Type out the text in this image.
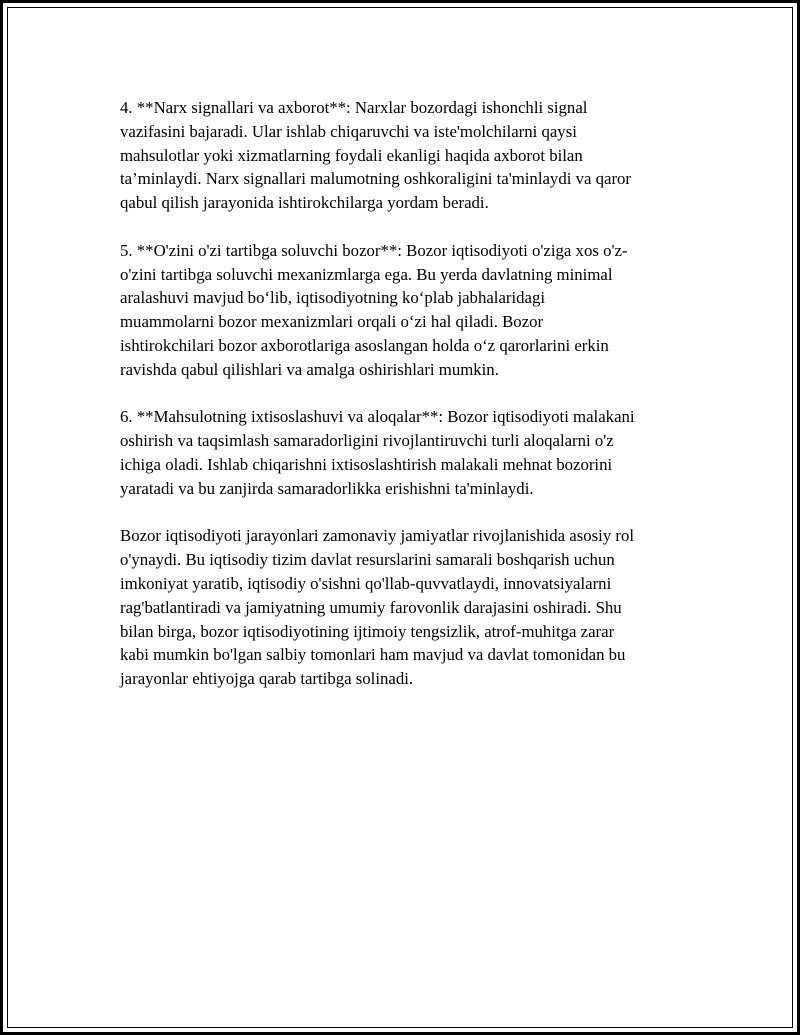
4. **Narx signallari va axborot**: Narxlar bozordagi ishonchli signal
vazifasini bajaradi. Ular ishlab chiqaruvchi va iste'molchilarni qaysi
mahsulotlar yoki xizmatlarning foydali ekanligi haqida axborot bilan
ta’minlaydi. Narx signallari malumotning oshkoraligini ta'minlaydi va qaror
qabul qilish jarayonida ishtirokchilarga yordam beradi.

5. **O'zini o'zi tartibga soluvchi bozor**: Bozor iqtisodiyoti o'ziga xos o'z-
o'zini tartibga soluvchi mexanizmlarga ega. Bu yerda davlatning minimal
aralashuvi mavjud bo‘lib, iqtisodiyotning ko‘plab jabhalaridagi
muammolarni bozor mexanizmlari orqali o‘zi hal qiladi. Bozor
ishtirokchilari bozor axborotlariga asoslangan holda o‘z qarorlarini erkin
ravishda qabul qilishlari va amalga oshirishlari mumkin.

6. **Mahsulotning ixtisoslashuvi va aloqalar**: Bozor iqtisodiyoti malakani
oshirish va taqsimlash samaradorligini rivojlantiruvchi turli aloqalarni o'z
ichiga oladi. Ishlab chiqarishni ixtisoslashtirish malakali mehnat bozorini
yaratadi va bu zanjirda samaradorlikka erishishni ta'minlaydi.

Bozor iqtisodiyoti jarayonlari zamonaviy jamiyatlar rivojlanishida asosiy rol
o'ynaydi. Bu iqtisodiy tizim davlat resurslarini samarali boshqarish uchun
imkoniyat yaratib, iqtisodiy o'sishni qo'llab-quvvatlaydi, innovatsiyalarni
rag'batlantiradi va jamiyatning umumiy farovonlik darajasini oshiradi. Shu
bilan birga, bozor iqtisodiyotining ijtimoiy tengsizlik, atrof-muhitga zarar
kabi mumkin bo'lgan salbiy tomonlari ham mavjud va davlat tomonidan bu
jarayonlar ehtiyojga qarab tartibga solinadi.
